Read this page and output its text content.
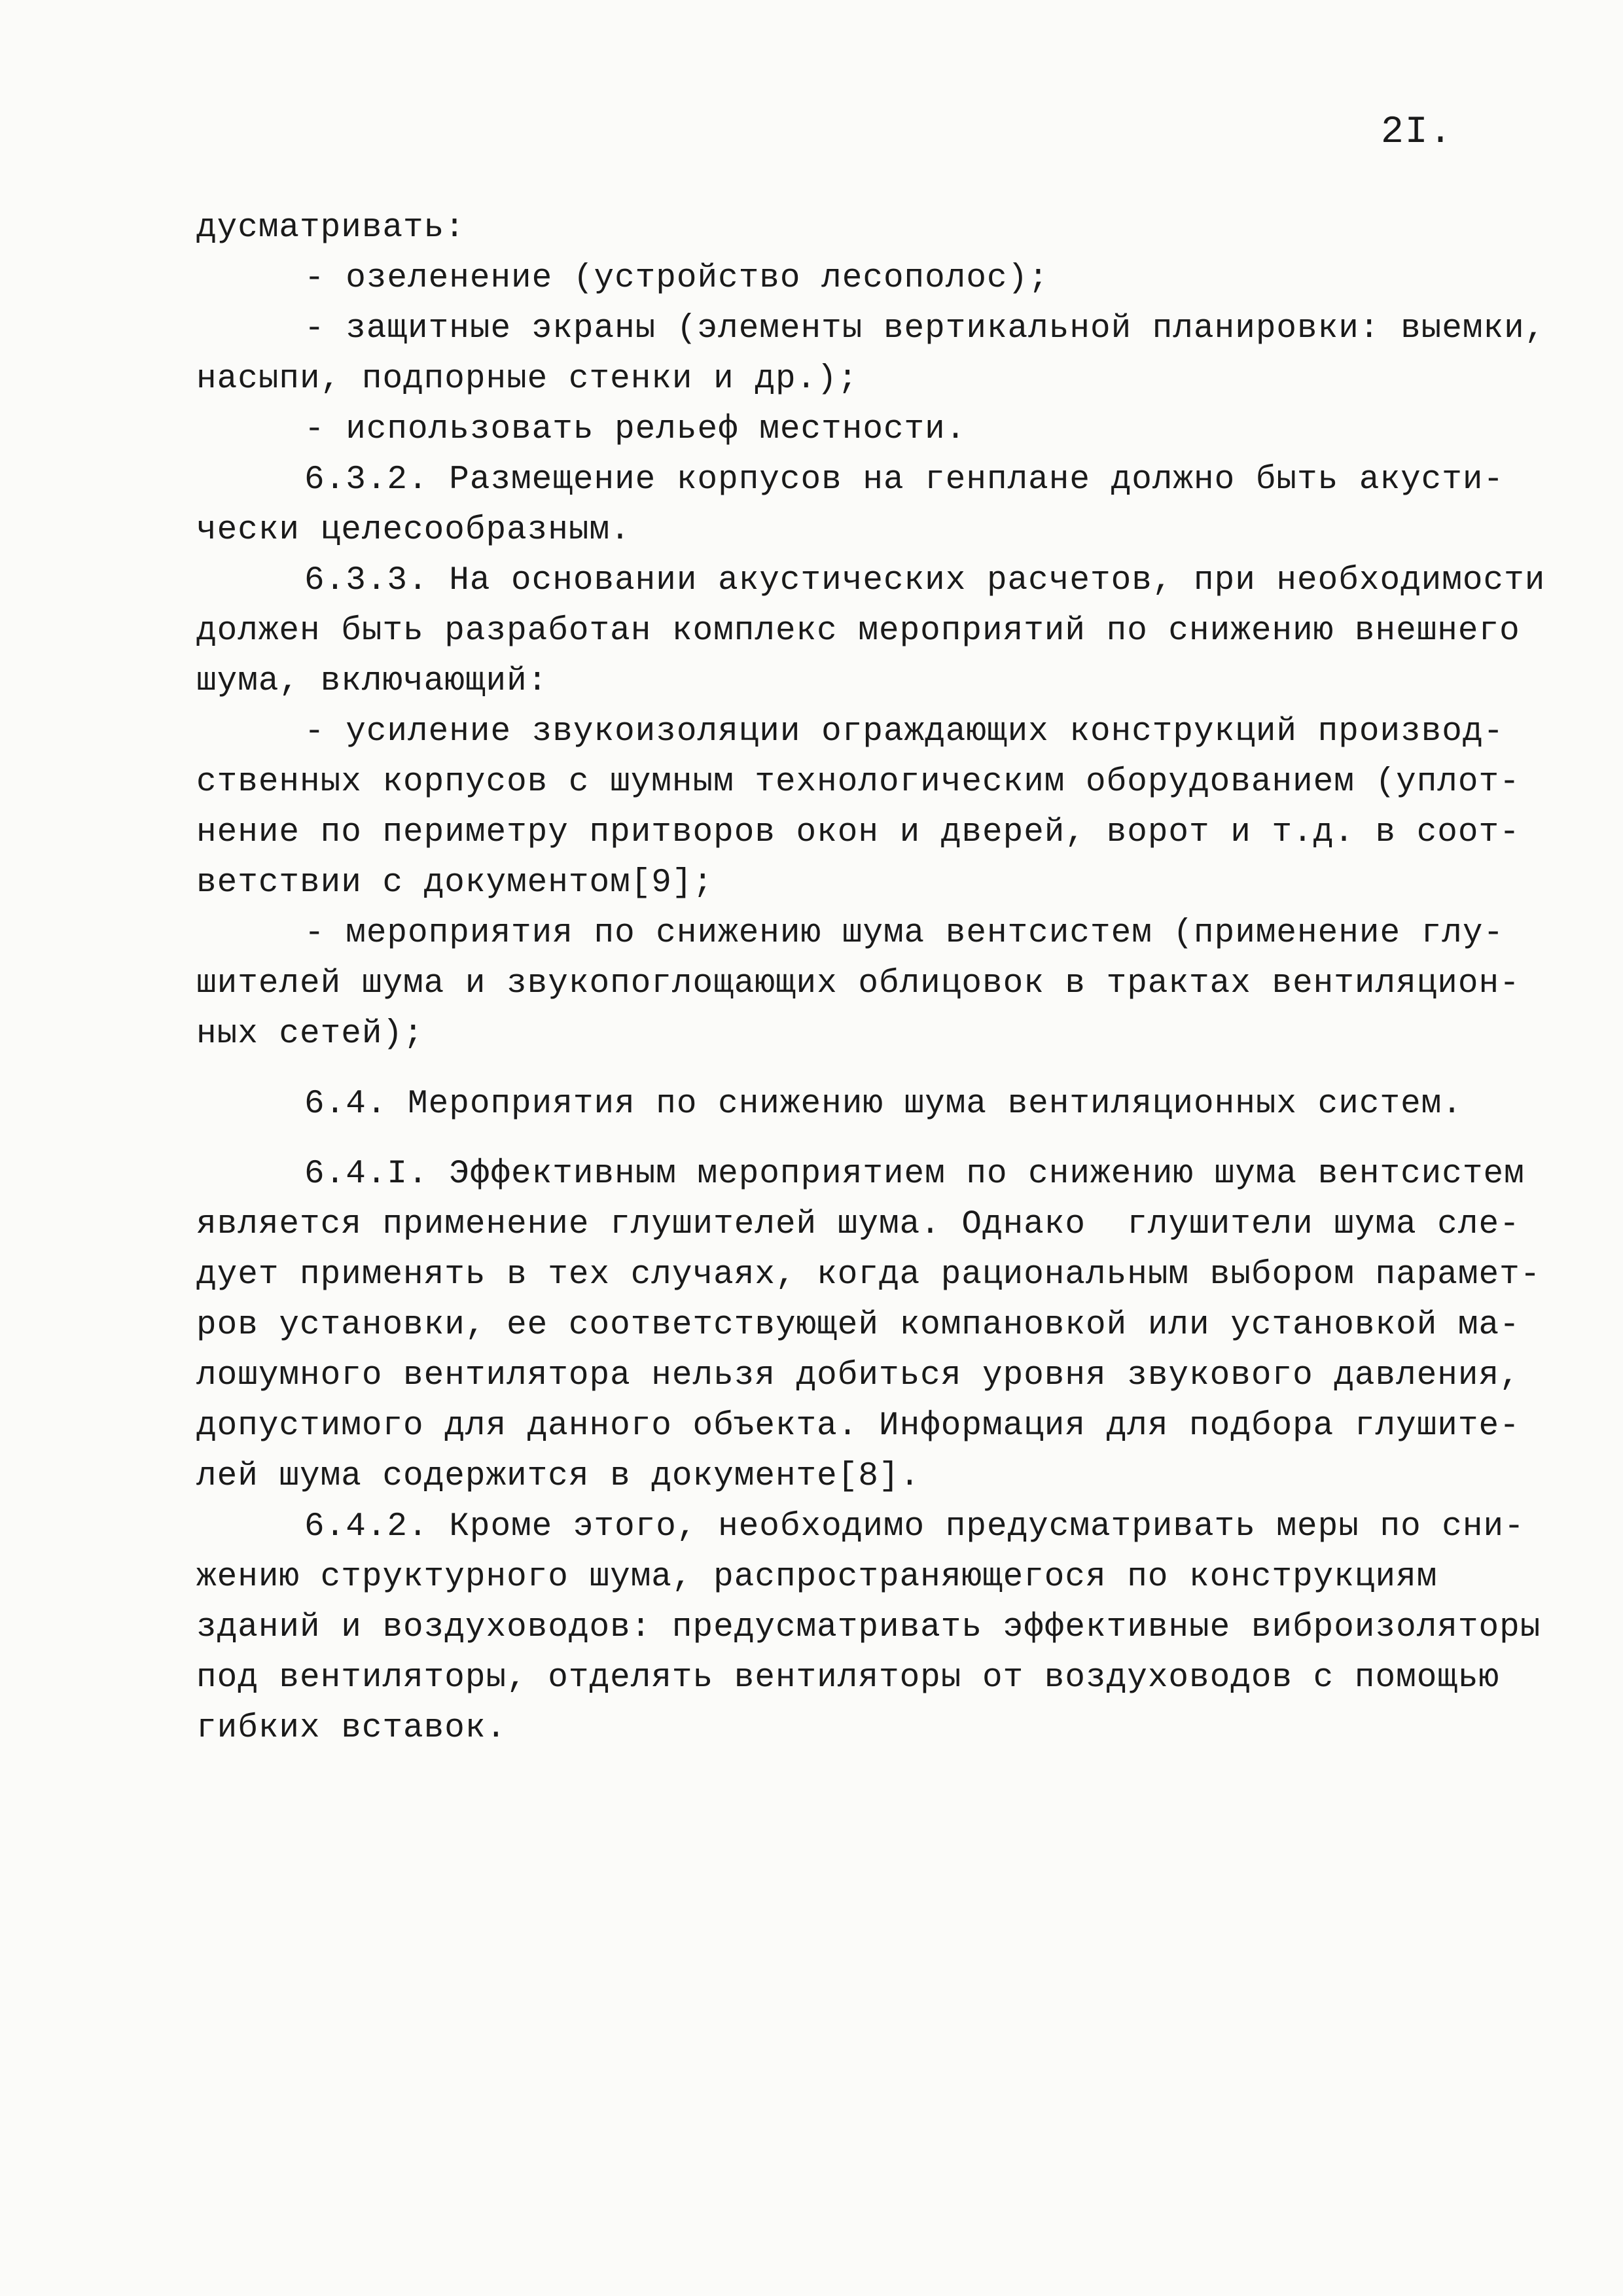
2I.
дусматривать:
- озеленение (устройство лесополос);
- защитные экраны (элементы вертикальной планировки: выемки,
насыпи, подпорные стенки и др.);
- использовать рельеф местности.
6.3.2. Размещение корпусов на генплане должно быть акусти-
чески целесообразным.
6.3.3. На основании акустических расчетов, при необходимости
должен быть разработан комплекс мероприятий по снижению внешнего
шума, включающий:
- усиление звукоизоляции ограждающих конструкций производ-
ственных корпусов с шумным технологическим оборудованием (уплот-
нение по периметру притворов окон и дверей, ворот и т.д. в соот-
ветствии с документом[9];
- мероприятия по снижению шума вентсистем (применение глу-
шителей шума и звукопоглощающих облицовок в трактах вентиляцион-
ных сетей);
6.4. Мероприятия по снижению шума вентиляционных систем.
6.4.I. Эффективным мероприятием по снижению шума вентсистем
является применение глушителей шума. Однако  глушители шума сле-
дует применять в тех случаях, когда рациональным выбором парамет-
ров установки, ее соответствующей компановкой или установкой ма-
лошумного вентилятора нельзя добиться уровня звукового давления,
допустимого для данного объекта. Информация для подбора глушите-
лей шума содержится в документе[8].
6.4.2. Кроме этого, необходимо предусматривать меры по сни-
жению структурного шума, распространяющегося по конструкциям
зданий и воздуховодов: предусматривать эффективные виброизоляторы
под вентиляторы, отделять вентиляторы от воздуховодов с помощью
гибких вставок.
